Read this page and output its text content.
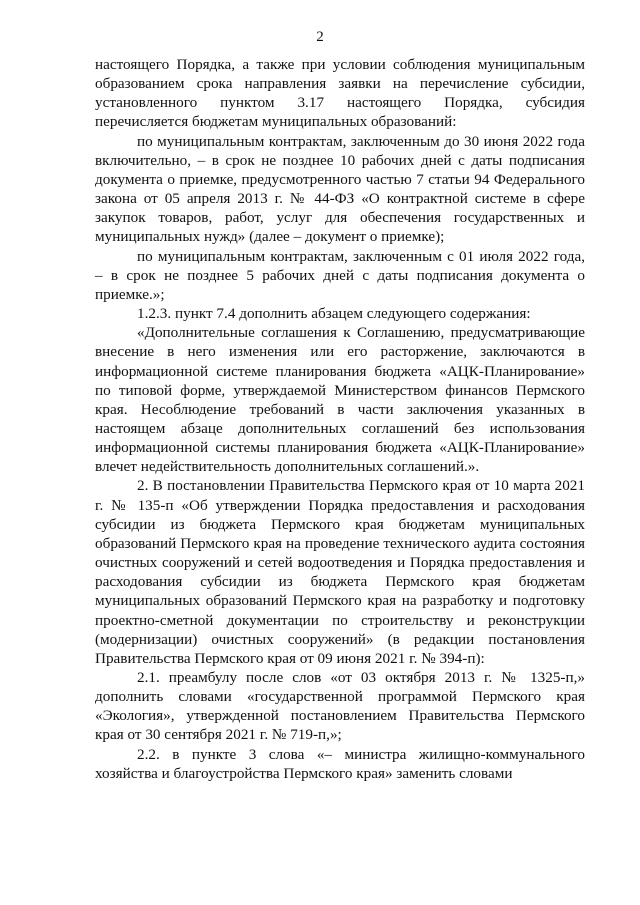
2

настоящего Порядка, а также при условии соблюдения муниципальным образованием срока направления заявки на перечисление субсидии, установленного пунктом 3.17 настоящего Порядка, субсидия перечисляется бюджетам муниципальных образований:

по муниципальным контрактам, заключенным до 30 июня 2022 года включительно, – в срок не позднее 10 рабочих дней с даты подписания документа о приемке, предусмотренного частью 7 статьи 94 Федерального закона от 05 апреля 2013 г. № 44-ФЗ «О контрактной системе в сфере закупок товаров, работ, услуг для обеспечения государственных и муниципальных нужд» (далее – документ о приемке);

по муниципальным контрактам, заключенным с 01 июля 2022 года, – в срок не позднее 5 рабочих дней с даты подписания документа о приемке.»;

1.2.3. пункт 7.4 дополнить абзацем следующего содержания:

«Дополнительные соглашения к Соглашению, предусматривающие внесение в него изменения или его расторжение, заключаются в информационной системе планирования бюджета «АЦК-Планирование» по типовой форме, утверждаемой Министерством финансов Пермского края. Несоблюдение требований в части заключения указанных в настоящем абзаце дополнительных соглашений без использования информационной системы планирования бюджета «АЦК-Планирование» влечет недействительность дополнительных соглашений.».

2. В постановлении Правительства Пермского края от 10 марта 2021 г. № 135-п «Об утверждении Порядка предоставления и расходования субсидии из бюджета Пермского края бюджетам муниципальных образований Пермского края на проведение технического аудита состояния очистных сооружений и сетей водоотведения и Порядка предоставления и расходования субсидии из бюджета Пермского края бюджетам муниципальных образований Пермского края на разработку и подготовку проектно-сметной документации по строительству и реконструкции (модернизации) очистных сооружений» (в редакции постановления Правительства Пермского края от 09 июня 2021 г. № 394-п):

2.1. преамбулу после слов «от 03 октября 2013 г. № 1325-п,» дополнить словами «государственной программой Пермского края «Экология», утвержденной постановлением Правительства Пермского края от 30 сентября 2021 г. № 719-п,»;

2.2. в пункте 3 слова «– министра жилищно-коммунального хозяйства и благоустройства Пермского края» заменить словами
